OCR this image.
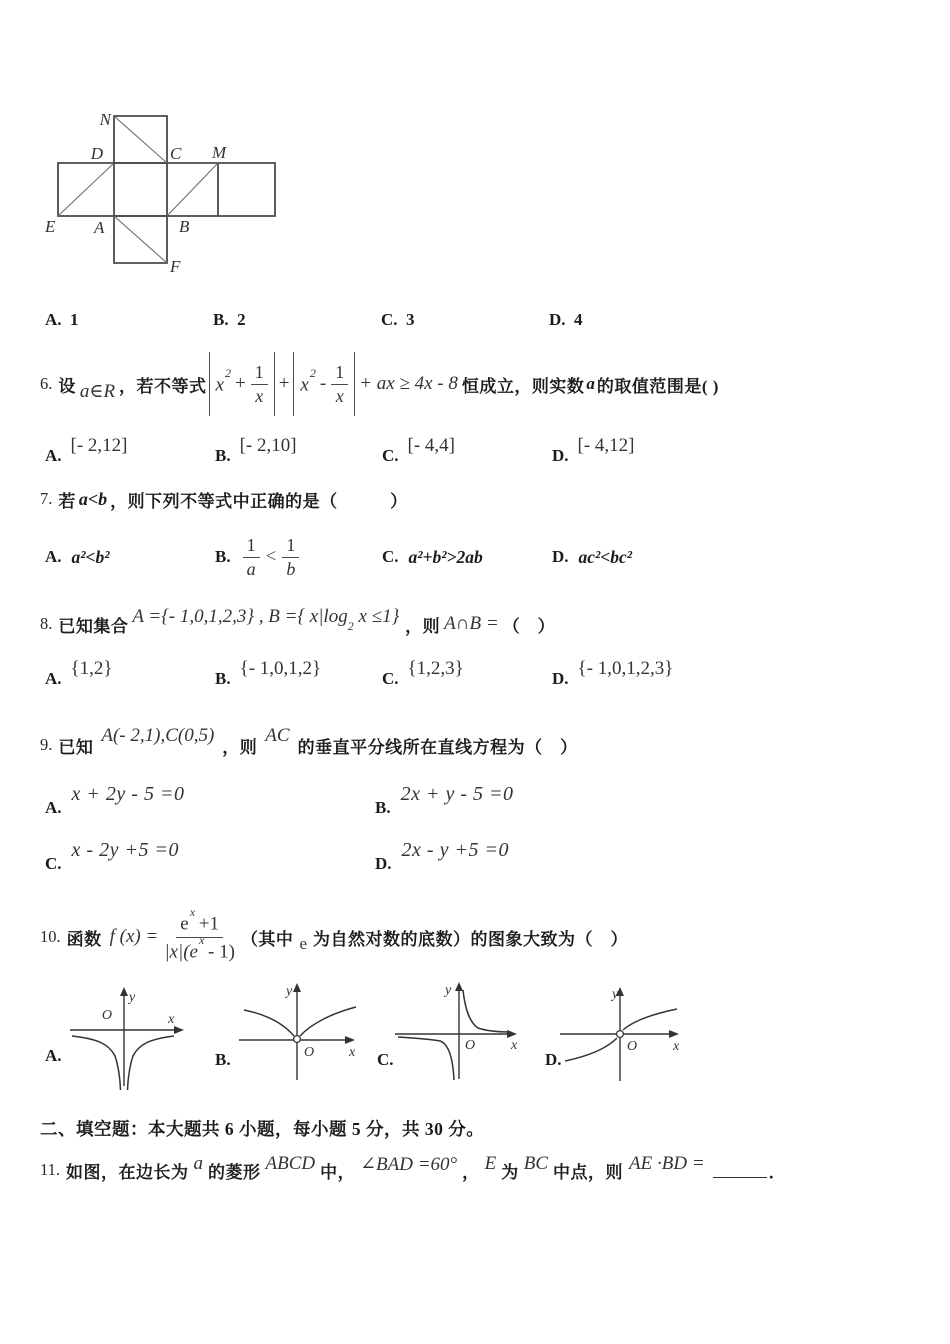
N
D	C M
E A	B
F
A. 1	B. 2	C. 3	D. 4
6. 设 a∈R ，若不等式 $x^2$
+ $\frac{1}{x} + x^2$
- $\frac{1}{x}$ + ax ≥ 4x - 8 恒成立，则实数 a 的取值范围是( )
A. [- 2,12]	B. [- 2,10]	C. [- 4,4]	D. [- 4,12]
7. 若 a<b ，则下列不等式中正确的是（　　　）
A. a²<b²	B. $\frac{1}{a} < \frac{1}{b}$	C. a²+b²>2ab	D. ac²<bc²
8. 已知集合 A ={- 1,0,1,2,3} , B ={ $x|\log_2$ x ≤1} ，则 A∩B = （　）
A. {1,2}	B. {- 1,0,1,2}	C. {1,2,3}	D. {- 1,0,1,2,3}
9. 已知
A(- 2,1),C(0,5)
，则
AC
的垂直平分线所在直线方程为（　）
A.x + 2y - 5 =0
B.2x + y - 5 =0
C.x - 2y +5 =0
D.2x - y +5 =0
10. 函数 f $(x) = \frac{e^x +1}{|x|(e^x - 1)}$ （其中 e 为自然对数的底数）的图象大致为（　）
A.	B.	C.	D.
O
y
x
O x
y
O	x
y
O	x
y
二、填空题：本大题共 6 小题，每小题 5 分，共 30 分。
11. 如图，在边长为 a 的菱形 ABCD 中， ∠BAD =60° ， E 为 BC 中点，则 AE ·BD =	．
